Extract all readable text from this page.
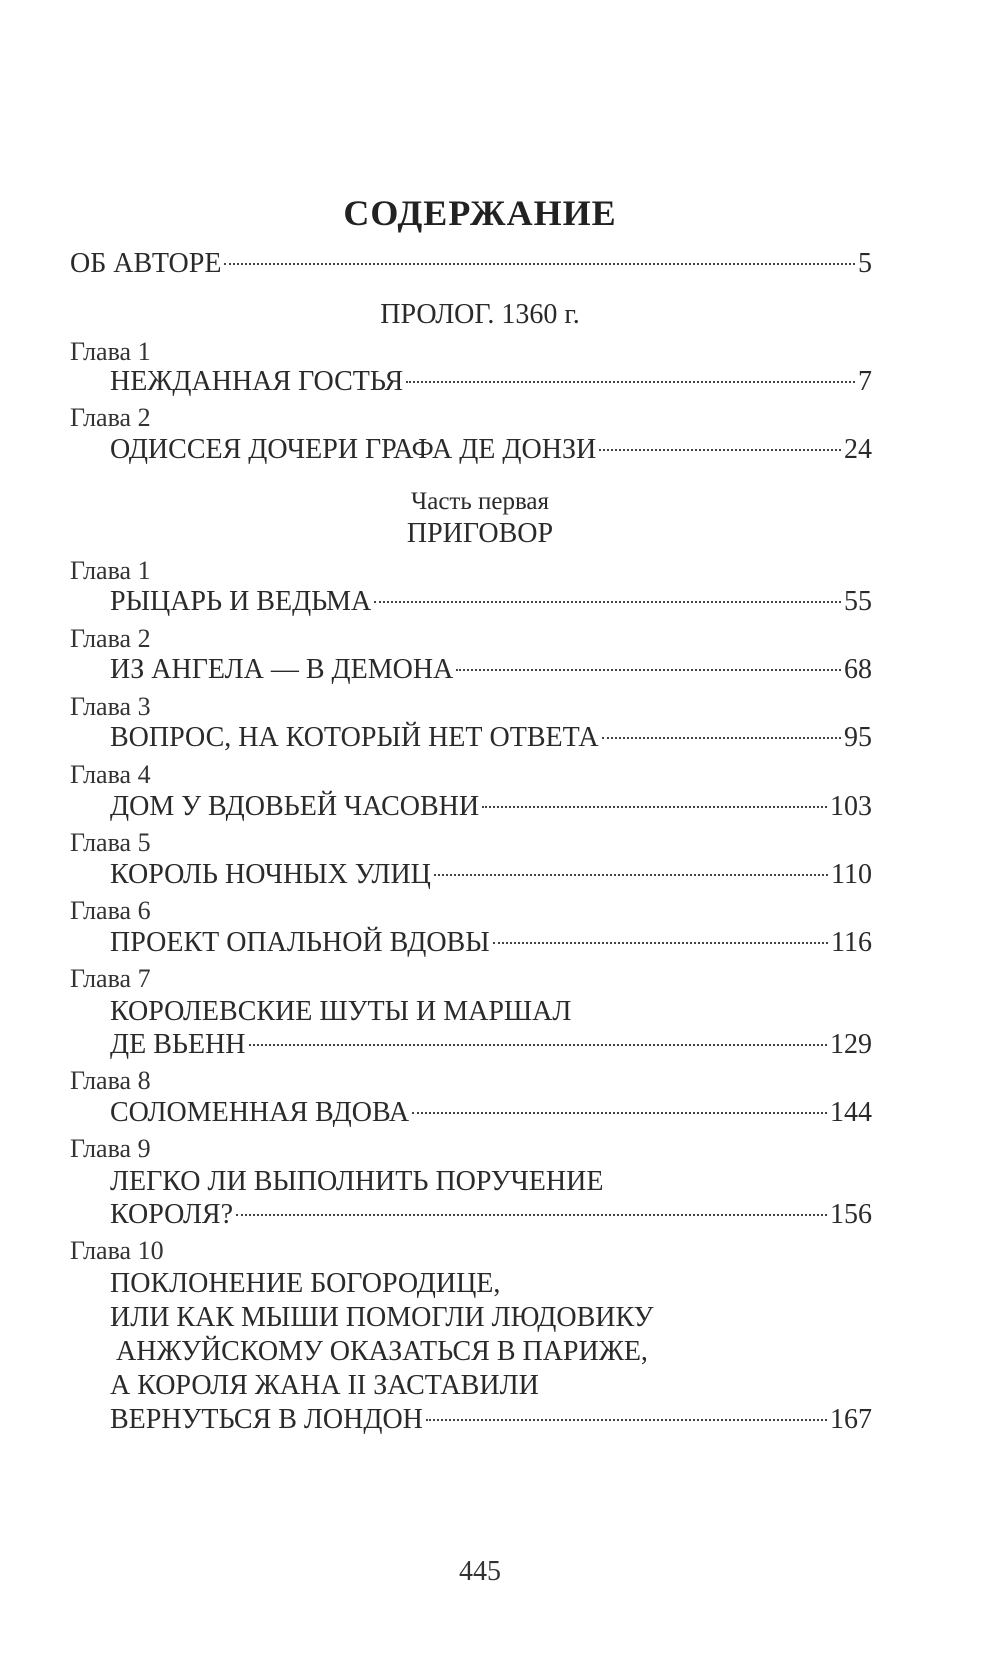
СОДЕРЖАНИЕ
ОБ АВТОРЕ	5
ПРОЛОГ. 1360 г.
Глава 1
НЕЖДАННАЯ ГОСТЬЯ	7
Глава 2
ОДИССЕЯ ДОЧЕРИ ГРАФА ДЕ ДОНЗИ	24
Часть первая
ПРИГОВОР
Глава 1
РЫЦАРЬ И ВЕДЬМА	55
Глава 2
ИЗ АНГЕЛА — В ДЕМОНА	68
Глава 3
ВОПРОС, НА КОТОРЫЙ НЕТ ОТВЕТА	95
Глава 4
ДОМ У ВДОВЬЕЙ ЧАСОВНИ	103
Глава 5
КОРОЛЬ НОЧНЫХ УЛИЦ	110
Глава 6
ПРОЕКТ ОПАЛЬНОЙ ВДОВЫ	116
Глава 7
КОРОЛЕВСКИЕ ШУТЫ И МАРШАЛ
ДЕ ВЬЕНН	129
Глава 8
СОЛОМЕННАЯ ВДОВА	144
Глава 9
ЛЕГКО ЛИ ВЫПОЛНИТЬ ПОРУЧЕНИЕ
КОРОЛЯ?	156
Глава 10
ПОКЛОНЕНИЕ БОГОРОДИЦЕ,
ИЛИ КАК МЫШИ ПОМОГЛИ ЛЮДОВИКУ
АНЖУЙСКОМУ ОКАЗАТЬСЯ В ПАРИЖЕ,
А КОРОЛЯ ЖАНА II ЗАСТАВИЛИ
ВЕРНУТЬСЯ В ЛОНДОН	167
445
